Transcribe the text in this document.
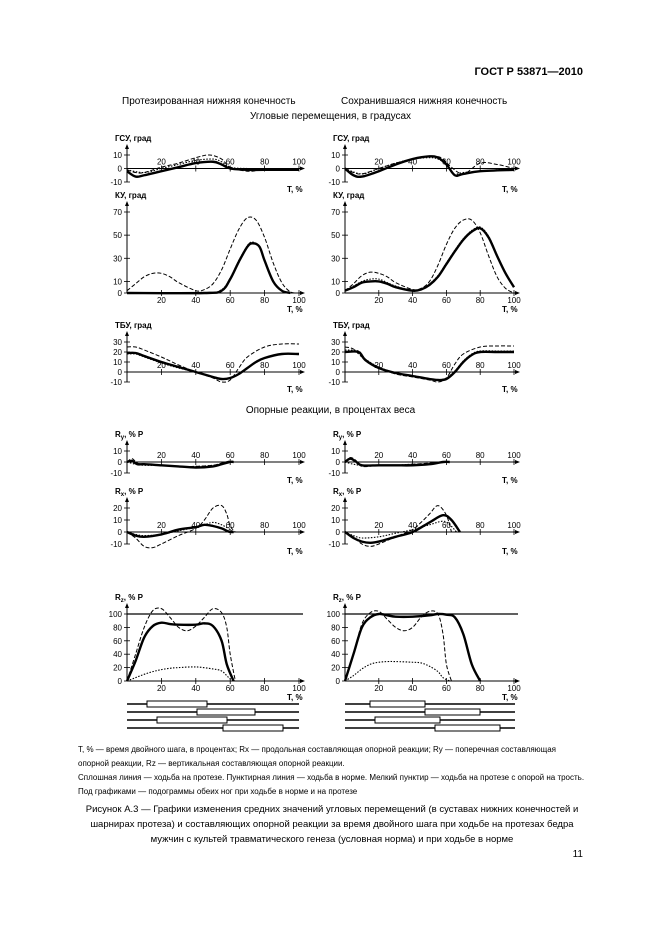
ГОСТ Р 53871—2010
Протезированная нижняя конечность	Сохранившаяся нижняя конечность
Угловые перемещения, в градусах
Опорные реакции, в процентах веса
ГСУ, град
10
0
-10
20	40	60	80	100
T, %
ГСУ, град
10
0
-10
20	40	60	80	100
T, %
КУ, град
70
50
30
10
0
20	40	60	80	100
T, %
КУ, град
70
50
30
10
0
20	40	60	80	100
T, %
ТБУ, град
30
20
10
0
-10
20	40	60	80	100
T, %
ТБУ, град
30
20
10
0
-10
20	40	60	80	100
T, %
$R_y$, % P
10
0
-10
20	40	60	80	100
T, %
$R_y$, % P
10
0
-10
20	40	60	80	100
T, %
$R_x$, % P
20
10
0
-10
20	40	60	80	100
T, %
$R_x$, % P
20
10
0
-10
20	40	60	80	100
T, %
$R_z$, % P
100
80
60
40
20
0
20	40	60	80	100
T, %
$R_z$, % P
100
80
60
40
20
0
20	40	60	80	100
T, %
T, % — время двойного шага, в процентах; Rx — продольная составляющая опорной реакции; Ry — поперечная составляющая опорной реакции, Rz — вертикальная составляющая опорной реакции.
Сплошная линия — ходьба на протезе. Пунктирная линия — ходьба в норме. Мелкий пунктир — ходьба на протезе с опорой на трость. Под графиками — подограммы обеих ног при ходьбе в норме и на протезе
Рисунок А.3 — Графики изменения средних значений угловых перемещений (в суставах нижних конечностей и шарнирах протеза) и составляющих опорной реакции за время двойного шага при ходьбе на протезах бедра мужчин с культей травматического генеза (условная норма) и при ходьбе в норме
11
